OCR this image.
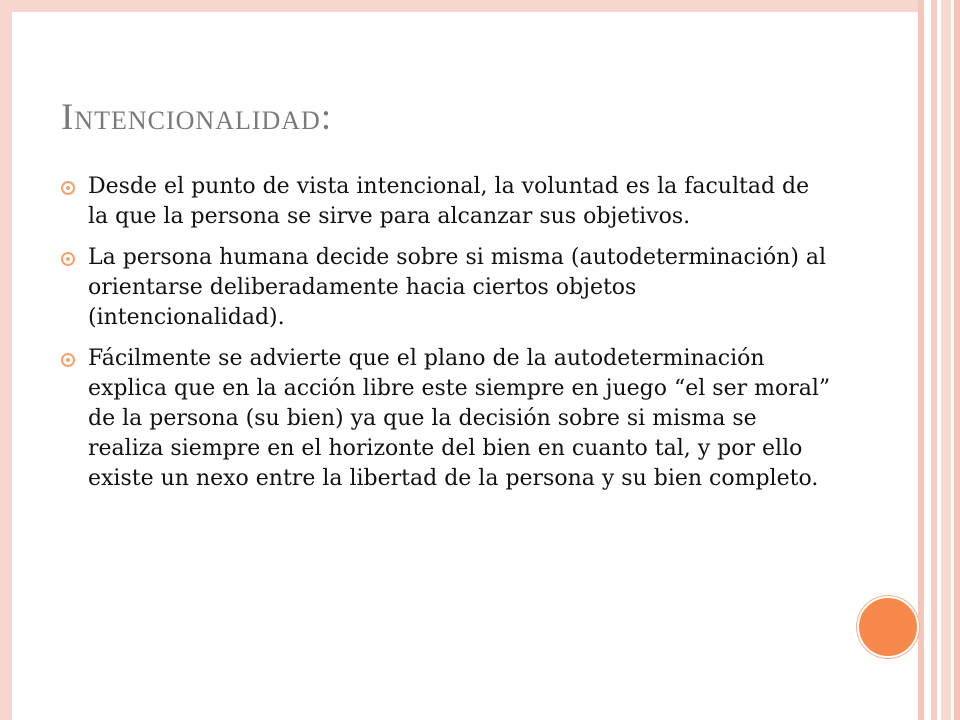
Intencionalidad:
Desde el punto de vista intencional, la voluntad es la facultad de la que la persona se sirve para alcanzar sus objetivos.
La persona humana decide sobre si misma (autodeterminación) al orientarse deliberadamente hacia ciertos objetos (intencionalidad).
Fácilmente se advierte que el plano de la autodeterminación explica que en la acción libre este siempre en juego “el ser moral” de la persona (su bien) ya que la decisión sobre si misma se realiza siempre en el horizonte del bien en cuanto tal, y por ello existe un nexo entre la libertad de la persona y su bien completo.
